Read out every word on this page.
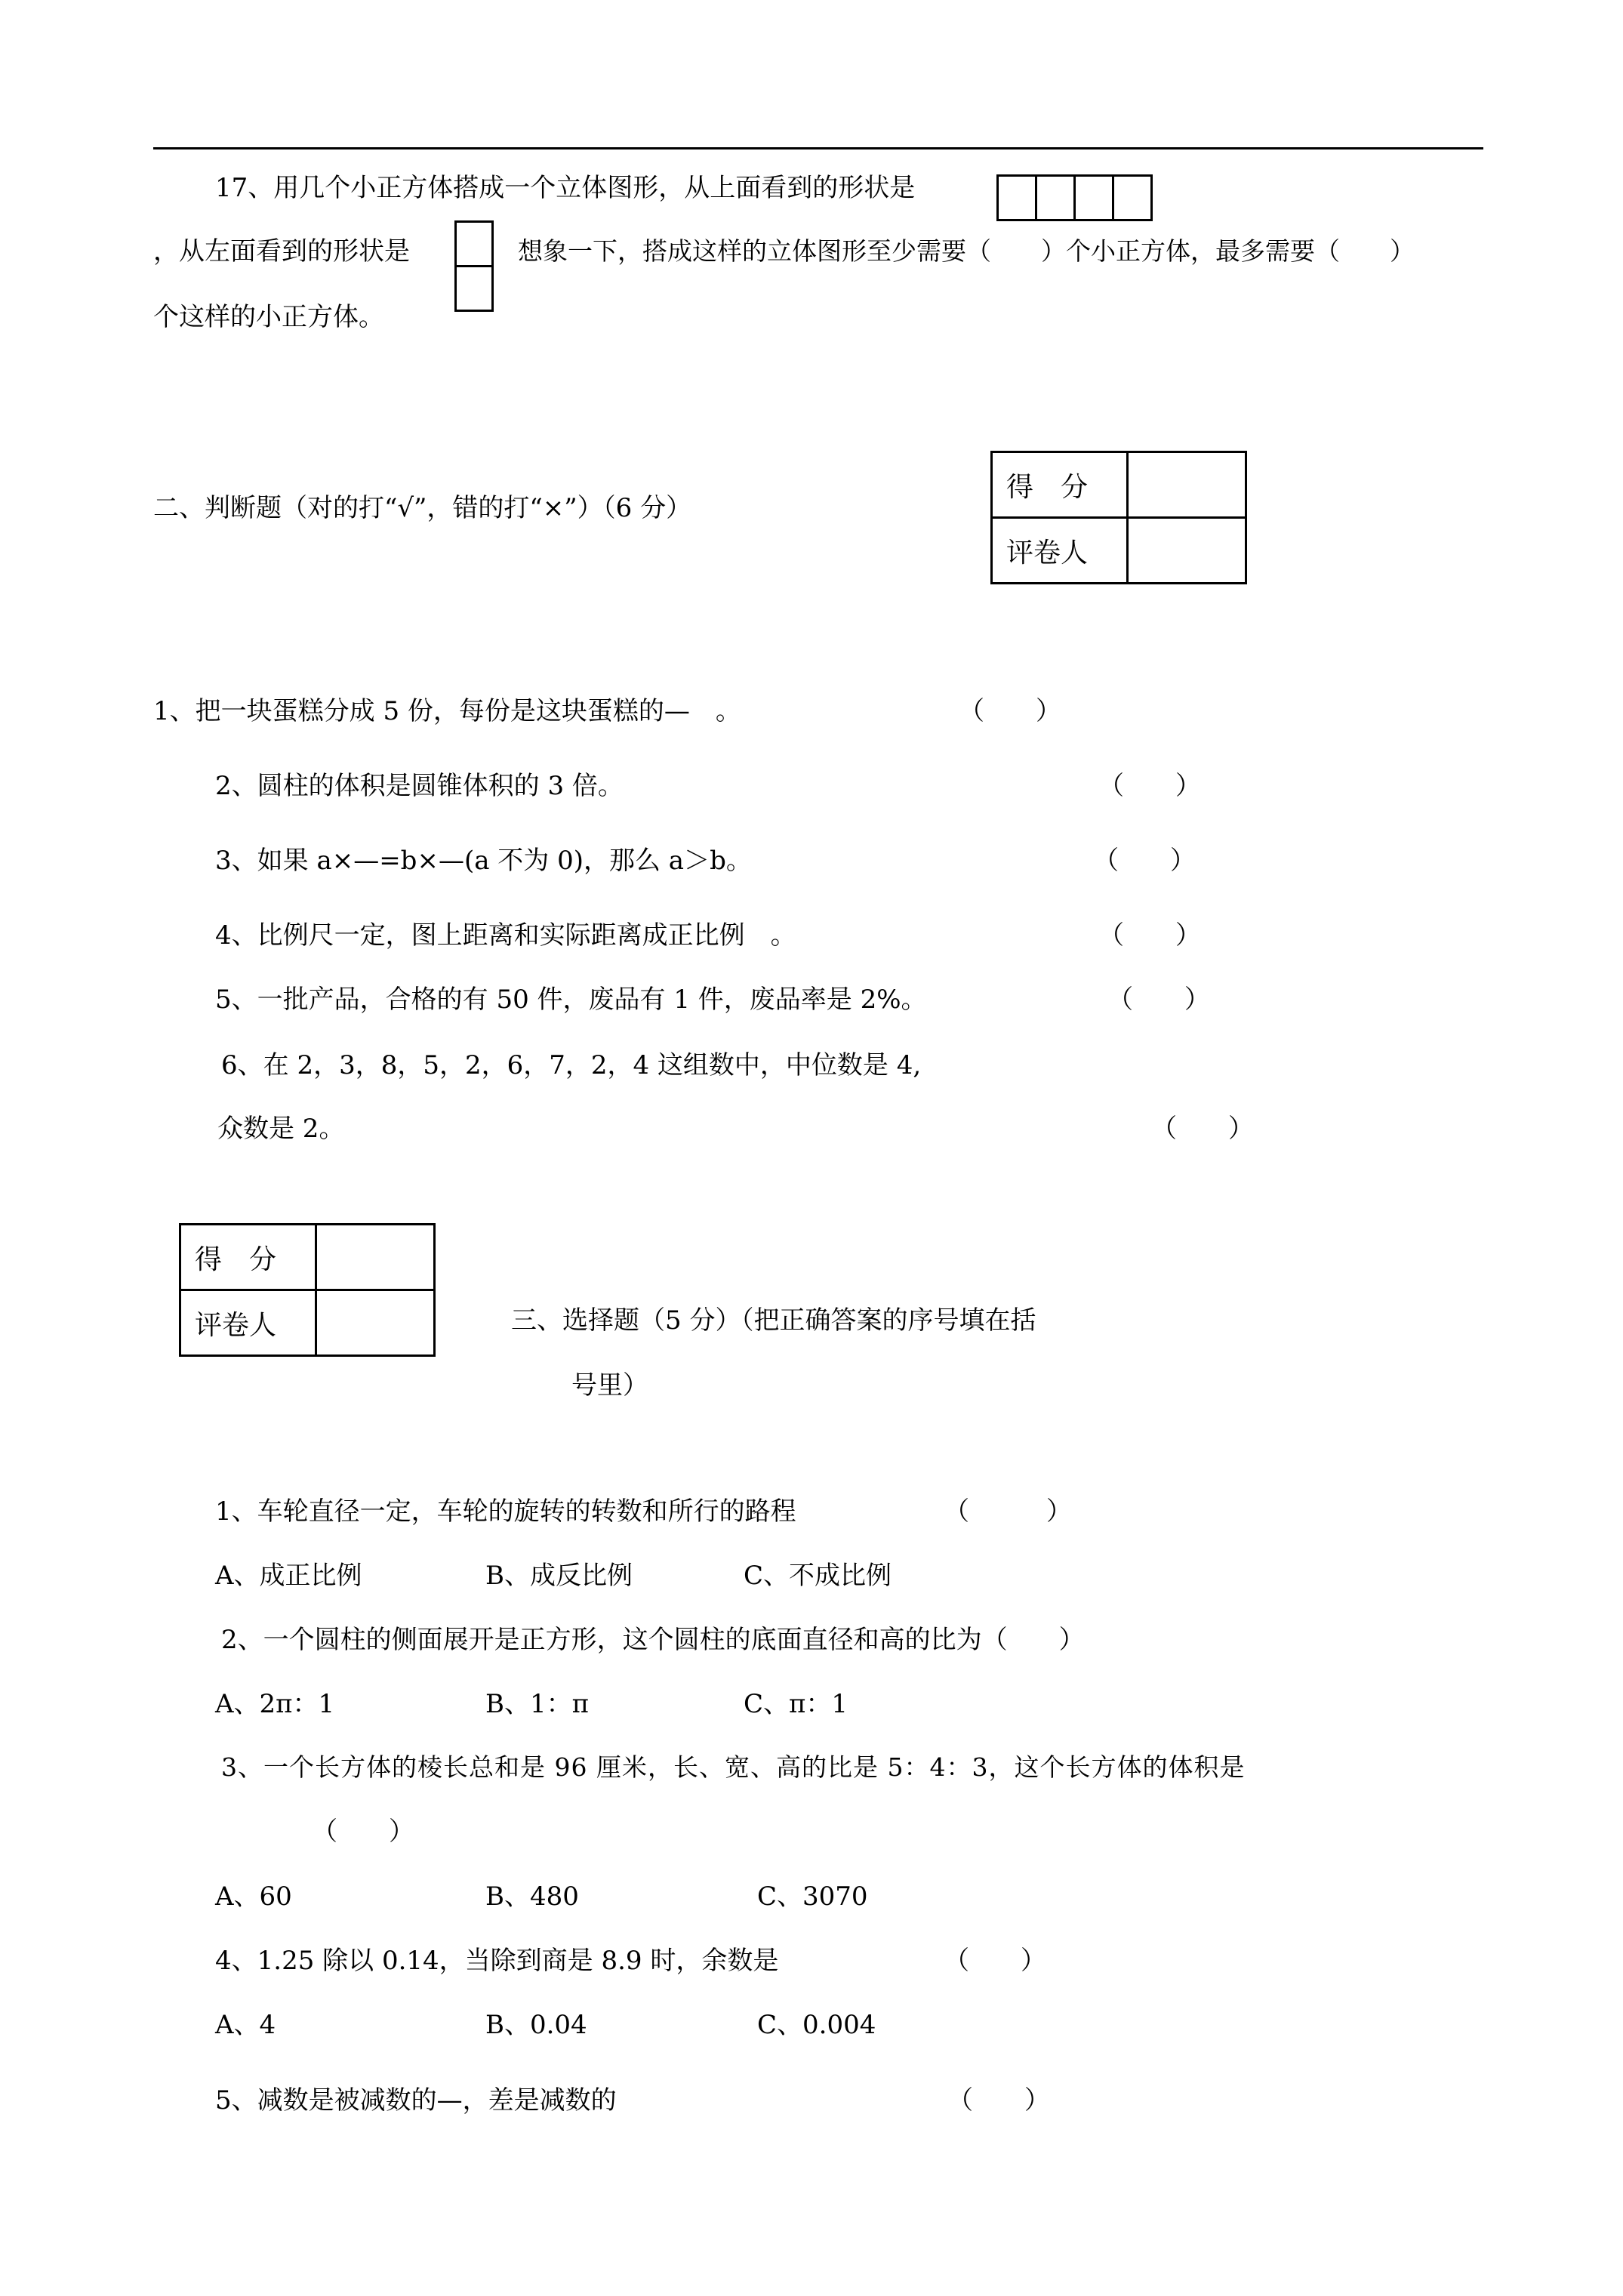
17、用几个小正方体搭成一个立体图形，从上面看到的形状是
，从左面看到的形状是	想象一下，搭成这样的立体图形至少需要（　　）个小正方体，最多需要（　　）
个这样的小正方体。
二、判断题（对的打“√”，错的打“×”）（6 分）
得　分	
评卷人	
1、把一块蛋糕分成 5 份，每份是这块蛋糕的—　。	（　　）
2、圆柱的体积是圆锥体积的 3 倍。	（　　）
3、如果 a×—=b×—(a 不为 0)，那么 a＞b。	（　　）
4、比例尺一定，图上距离和实际距离成正比例　。	（　　）
5、一批产品，合格的有 50 件，废品有 1 件，废品率是 2%。	（　　）
6、在 2，3，8，5，2，6，7，2，4 这组数中，中位数是 4,
众数是 2。	（　　）
得　分	
评卷人		三、选择题（5 分）（把正确答案的序号填在括
号里）
1、车轮直径一定，车轮的旋转的转数和所行的路程	（　　　）
A、成正比例	B、成反比例	C、不成比例
2、一个圆柱的侧面展开是正方形，这个圆柱的底面直径和高的比为（　　）
A、2π：1	B、1：π	C、π：1
3、一个长方体的棱长总和是 96 厘米，长、宽、高的比是 5：4：3，这个长方体的体积是
（　　）
A、60	B、480	C、3070
4、1.25 除以 0.14，当除到商是 8.9 时，余数是	（　　）
A、4	B、0.04	C、0.004
5、减数是被减数的—，差是减数的	（　　）
